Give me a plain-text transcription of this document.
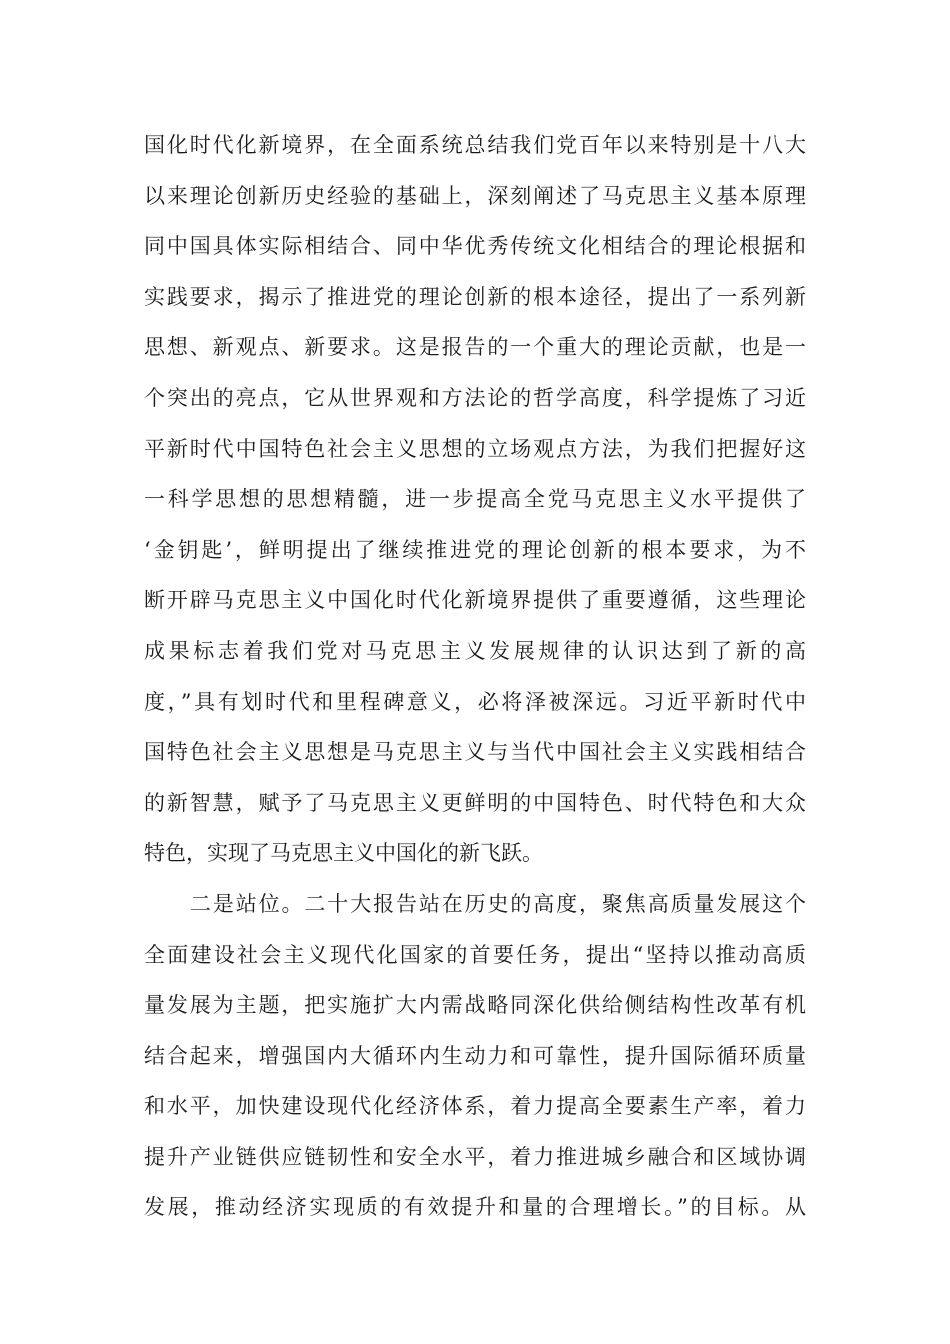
国化时代化新境界，在全面系统总结我们党百年以来特别是十八大
以来理论创新历史经验的基础上，深刻阐述了马克思主义基本原理
同中国具体实际相结合、同中华优秀传统文化相结合的理论根据和
实践要求，揭示了推进党的理论创新的根本途径，提出了一系列新
思想、新观点、新要求。这是报告的一个重大的理论贡献，也是一
个突出的亮点，它从世界观和方法论的哲学高度，科学提炼了习近
平新时代中国特色社会主义思想的立场观点方法，为我们把握好这
一科学思想的思想精髓，进一步提高全党马克思主义水平提供了
‘金钥匙’，鲜明提出了继续推进党的理论创新的根本要求，为不
断开辟马克思主义中国化时代化新境界提供了重要遵循，这些理论
成果标志着我们党对马克思主义发展规律的认识达到了新的高
度，”具有划时代和里程碑意义，必将泽被深远。习近平新时代中
国特色社会主义思想是马克思主义与当代中国社会主义实践相结合
的新智慧，赋予了马克思主义更鲜明的中国特色、时代特色和大众
特色，实现了马克思主义中国化的新飞跃。
二是站位。二十大报告站在历史的高度，聚焦高质量发展这个
全面建设社会主义现代化国家的首要任务，提出“坚持以推动高质
量发展为主题，把实施扩大内需战略同深化供给侧结构性改革有机
结合起来，增强国内大循环内生动力和可靠性，提升国际循环质量
和水平，加快建设现代化经济体系，着力提高全要素生产率，着力
提升产业链供应链韧性和安全水平，着力推进城乡融合和区域协调
发展，推动经济实现质的有效提升和量的合理增长。”的目标。从
